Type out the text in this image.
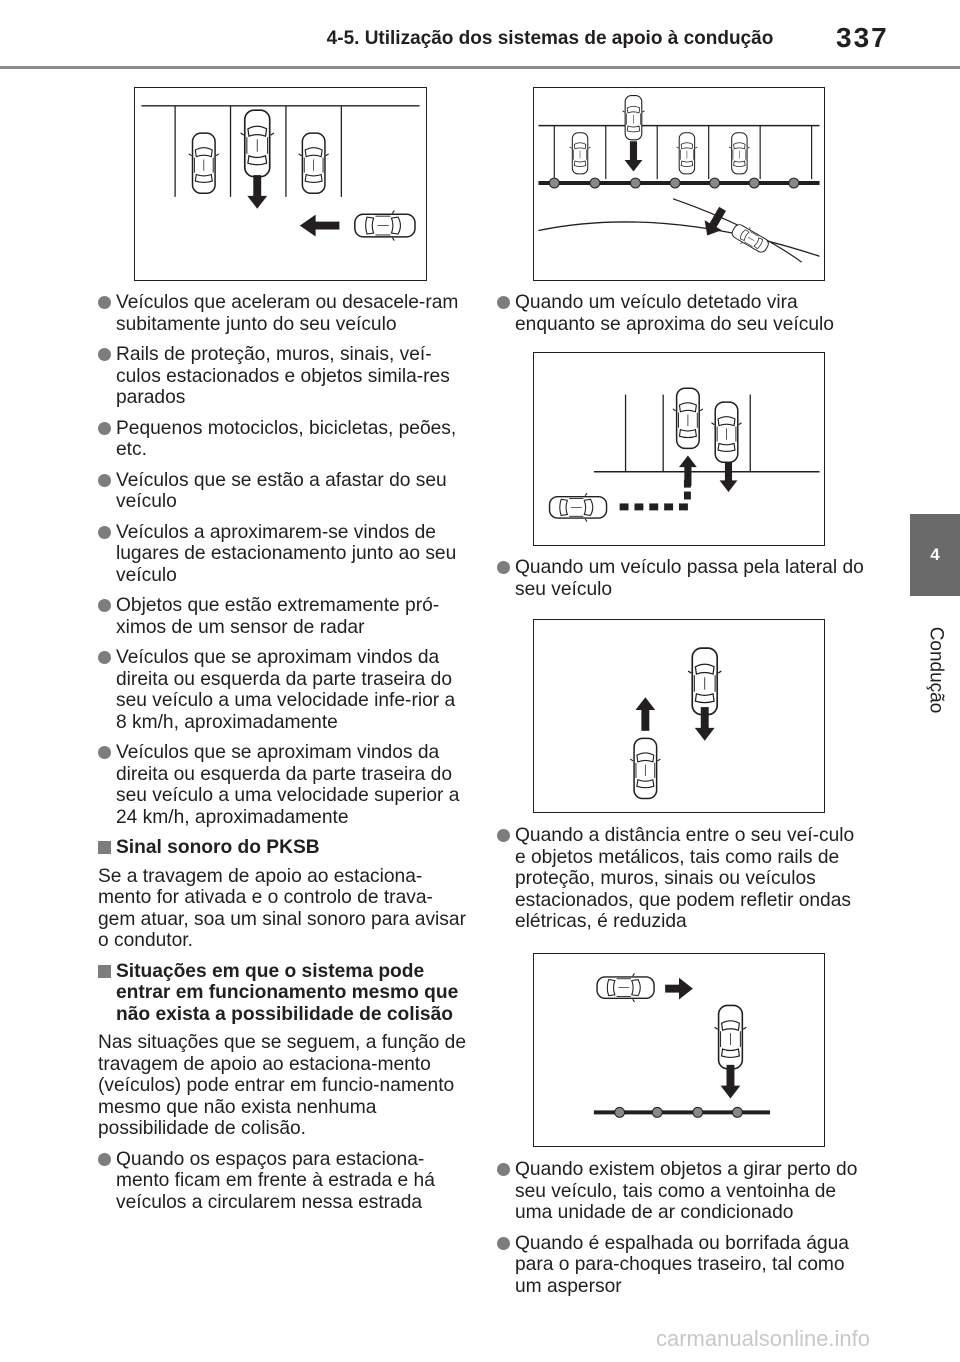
4-5. Utilização dos sistemas de apoio à condução	337
4
Condução
Veículos que aceleram ou desacele-ram subitamente junto do seu veículo
Rails de proteção, muros, sinais, veí-culos estacionados e objetos simila-res parados
Pequenos motociclos, bicicletas, peões, etc.
Veículos que se estão a afastar do seu veículo
Veículos a aproximarem-se vindos de lugares de estacionamento junto ao seu veículo
Objetos que estão extremamente pró-ximos de um sensor de radar
Veículos que se aproximam vindos da direita ou esquerda da parte traseira do seu veículo a uma velocidade infe-rior a 8 km/h, aproximadamente
Veículos que se aproximam vindos da direita ou esquerda da parte traseira do seu veículo a uma velocidade superior a 24 km/h, aproximadamente
Sinal sonoro do PKSB
Se a travagem de apoio ao estaciona-mento for ativada e o controlo de trava-gem atuar, soa um sinal sonoro para avisar o condutor.
Situações em que o sistema pode entrar em funcionamento mesmo que não exista a possibilidade de colisão
Nas situações que se seguem, a função de travagem de apoio ao estaciona-mento (veículos) pode entrar em funcio-namento mesmo que não exista nenhuma possibilidade de colisão.
Quando os espaços para estaciona-mento ficam em frente à estrada e há veículos a circularem nessa estrada
Quando um veículo detetado vira enquanto se aproxima do seu veículo
Quando um veículo passa pela lateral do seu veículo
Quando a distância entre o seu veí-culo e objetos metálicos, tais como rails de proteção, muros, sinais ou veículos estacionados, que podem refletir ondas elétricas, é reduzida
Quando existem objetos a girar perto do seu veículo, tais como a ventoinha de uma unidade de ar condicionado
Quando é espalhada ou borrifada água para o para-choques traseiro, tal como um aspersor
carmanualsonline.info
